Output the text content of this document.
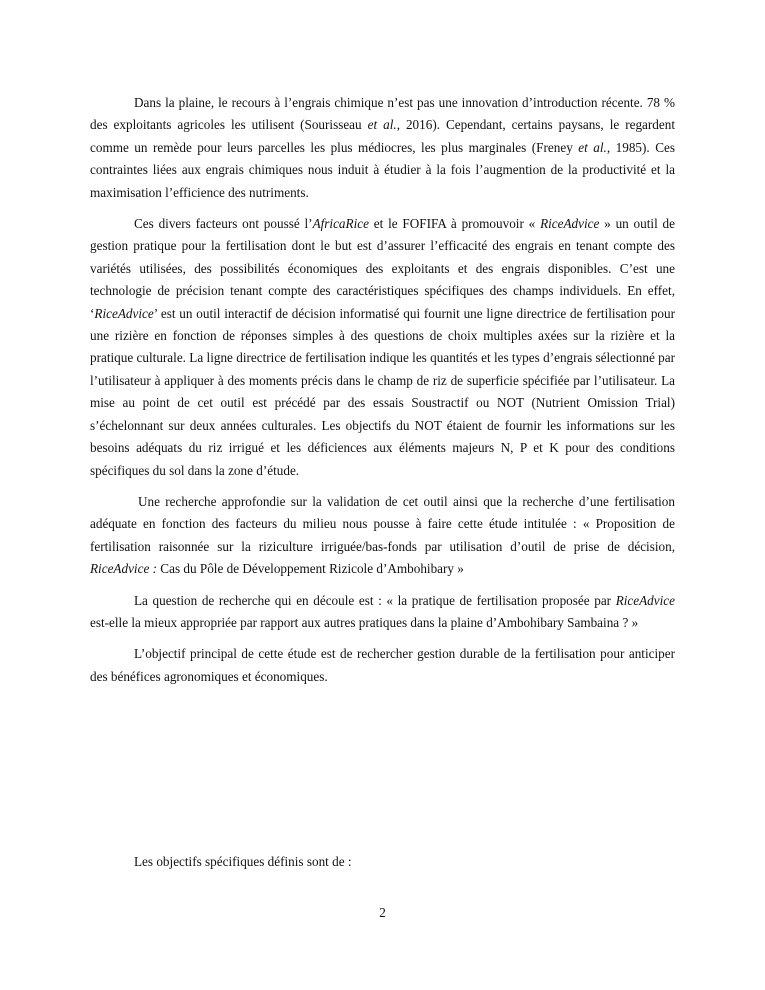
Dans la plaine, le recours à l’engrais chimique n’est pas une innovation d’introduction récente. 78 % des exploitants agricoles les utilisent (Sourisseau et al., 2016). Cependant, certains paysans, le regardent comme un remède pour leurs parcelles les plus médiocres, les plus marginales (Freney et al., 1985). Ces contraintes liées aux engrais chimiques nous induit à étudier à la fois l’augmention de la productivité et la maximisation l’efficience des nutriments.

Ces divers facteurs ont poussé l’AfricaRice et le FOFIFA à promouvoir « RiceAdvice » un outil de gestion pratique pour la fertilisation dont le but est d’assurer l’efficacité des engrais en tenant compte des variétés utilisées, des possibilités économiques des exploitants et des engrais disponibles. C’est une technologie de précision tenant compte des caractéristiques spécifiques des champs individuels. En effet, ‘RiceAdvice’ est un outil interactif de décision informatisé qui fournit une ligne directrice de fertilisation pour une rizière en fonction de réponses simples à des questions de choix multiples axées sur la rizière et la pratique culturale. La ligne directrice de fertilisation indique les quantités et les types d’engrais sélectionné par l’utilisateur à appliquer à des moments précis dans le champ de riz de superficie spécifiée par l’utilisateur. La mise au point de cet outil est précédé par des essais Soustractif ou NOT (Nutrient Omission Trial) s’échelonnant sur deux années culturales. Les objectifs du NOT étaient de fournir les informations sur les besoins adéquats du riz irrigué et les déficiences aux éléments majeurs N, P et K pour des conditions spécifiques du sol dans la zone d’étude.

Une recherche approfondie sur la validation de cet outil ainsi que la recherche d’une fertilisation adéquate en fonction des facteurs du milieu nous pousse à faire cette étude intitulée : « Proposition de fertilisation raisonnée sur la riziculture irriguée/bas-fonds par utilisation d’outil de prise de décision, RiceAdvice : Cas du Pôle de Développement Rizicole d’Ambohibary »

La question de recherche qui en découle est : « la pratique de fertilisation proposée par RiceAdvice est-elle la mieux appropriée par rapport aux autres pratiques dans la plaine d’Ambohibary Sambaina ? »

L’objectif principal de cette étude est de rechercher gestion durable de la fertilisation pour anticiper des bénéfices agronomiques et économiques.

Les objectifs spécifiques définis sont de :

2
